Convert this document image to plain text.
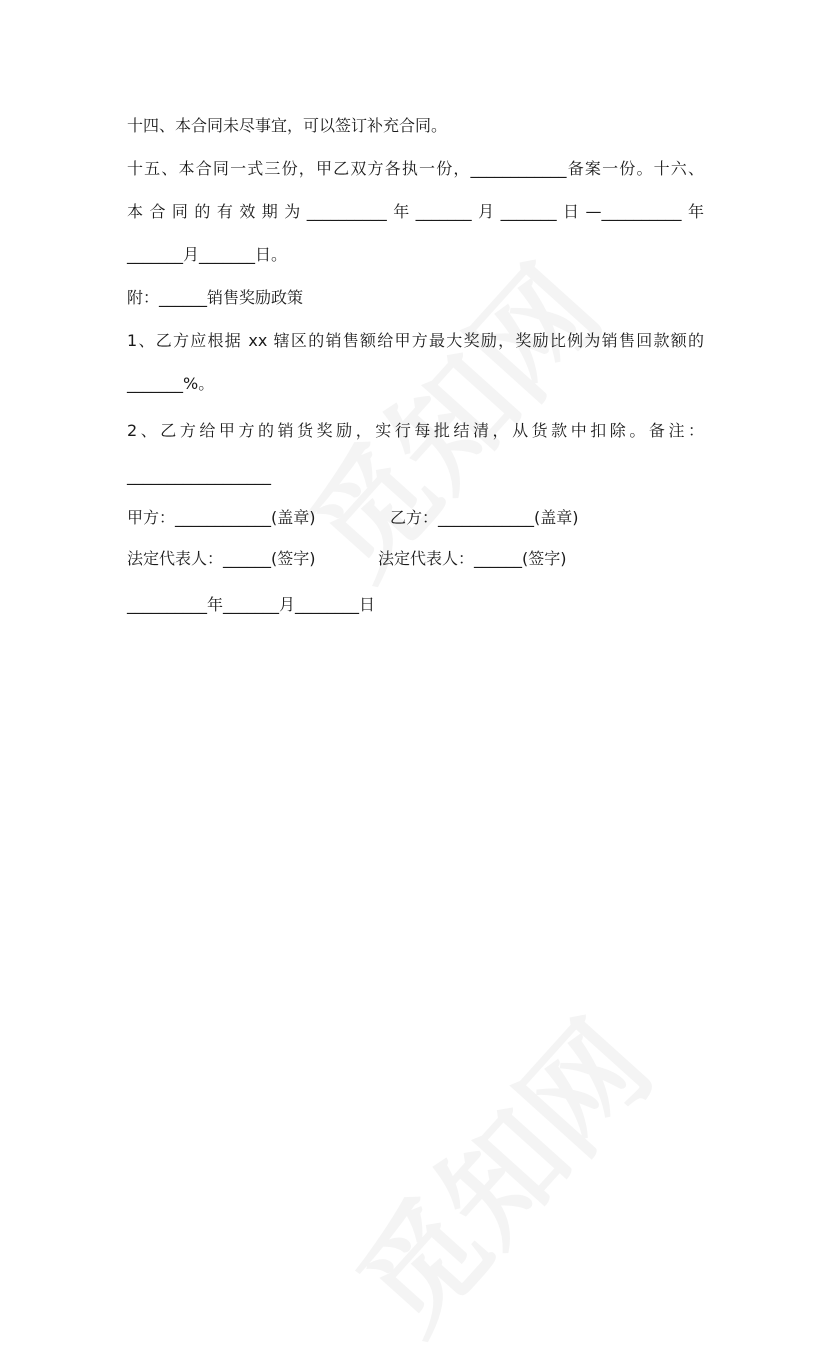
十四、本合同未尽事宜，可以签订补充合同。
十五、本合同一式三份，甲乙双方各执一份，____________备案一份。十六、
本合同的有效期为__________年_______月_______日—__________年
_______月_______日。
附：______销售奖励政策
1、乙方应根据 xx 辖区的销售额给甲方最大奖励，奖励比例为销售回款额的
_______%。
2、乙方给甲方的销货奖励，实行每批结清，从货款中扣除。备注：
__________________
甲方：____________(盖章)	乙方：____________(盖章)
法定代表人：______(签字)	法定代表人：______(签字)
__________年_______月________日
